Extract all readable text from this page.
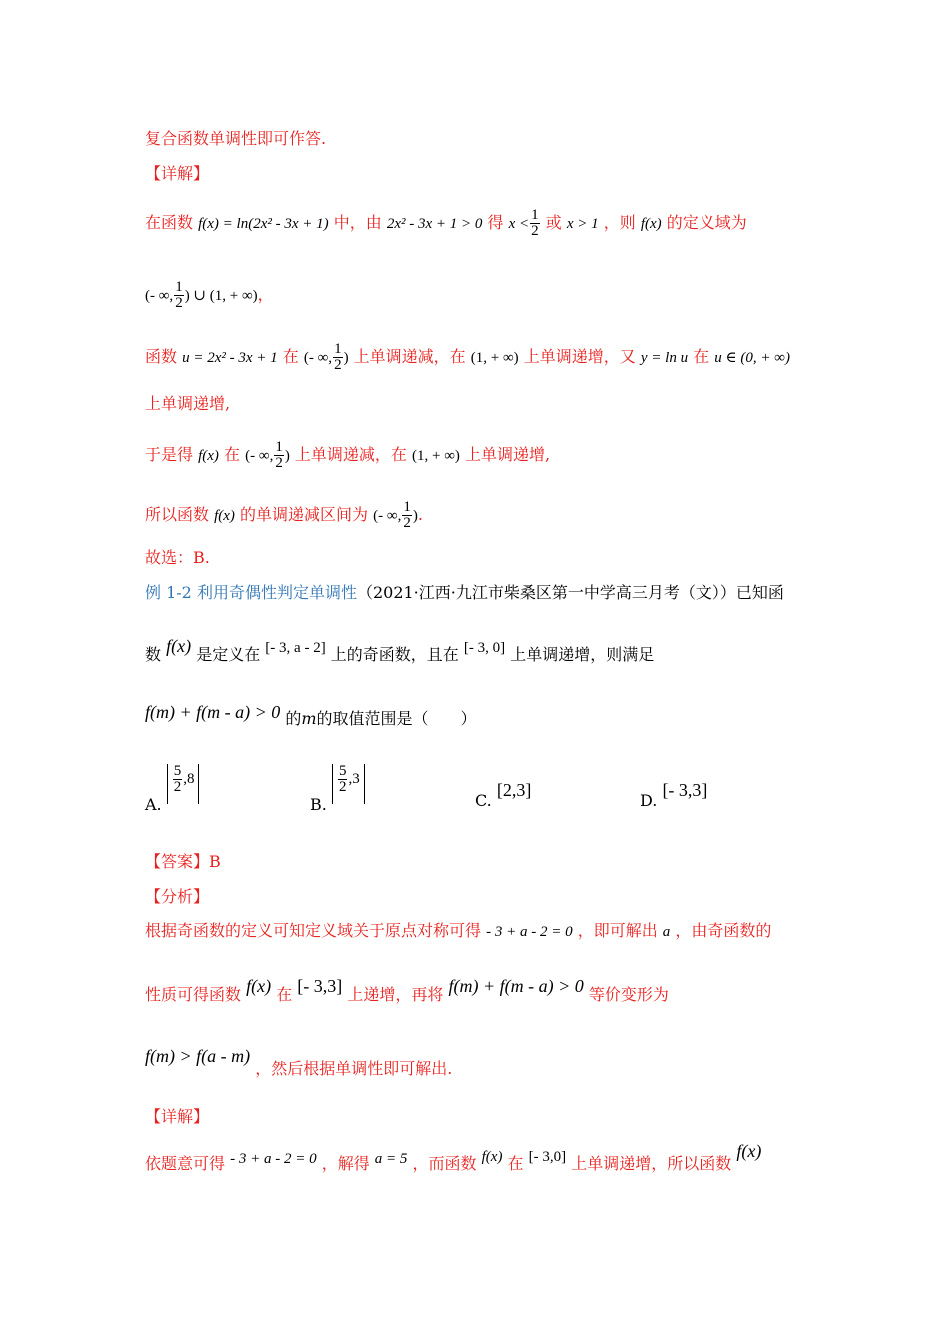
复合函数单调性即可作答.
【详解】
在函数 f(x) = ln(2x² - 3x + 1) 中，由 2x² - 3x + 1 > 0 得 $x < \frac{1}{2}$ 或 x > 1 ，则 f(x) 的定义域为
(- ∞, $\frac{1}{2}$ ) ∪ (1, + ∞)，
函数 u = 2x² - 3x + 1 在 (- ∞, $\frac{1}{2}$ ) 上单调递减，在 (1, + ∞) 上单调递增，又 y = ln u 在 u ∈ (0, + ∞)
上单调递增,
于是得 f(x) 在 (- ∞, $\frac{1}{2}$ ) 上单调递减，在 (1, + ∞) 上单调递增,
所以函数 f(x) 的单调递减区间为 (- ∞, $\frac{1}{2}$ ).
故选：B.
例 1-2 利用奇偶性判定单调性（2021·江西·九江市柴桑区第一中学高三月考（文））已知函
数 f(x) 是定义在 [- 3, a - 2] 上的奇函数，且在 [- 3, 0] 上单调递增，则满足
f(m) + f(m - a) > 0 的m的取值范围是（　　）
A.
$\frac{5}{2} ,8$
B.
$\frac{5}{2} ,3$
C. [2,3]
D. [- 3,3]
【答案】B
【分析】
根据奇函数的定义可知定义域关于原点对称可得 - 3 + a - 2 = 0 ，即可解出 a ，由奇函数的
性质可得函数 f(x) 在 [- 3,3] 上递增，再将 f(m) + f(m - a) > 0 等价变形为
f(m) > f(a - m) ，然后根据单调性即可解出.
【详解】
依题意可得 - 3 + a - 2 = 0 ，解得 a = 5 ，而函数 f(x) 在 [- 3,0] 上单调递增，所以函数 f(x)
